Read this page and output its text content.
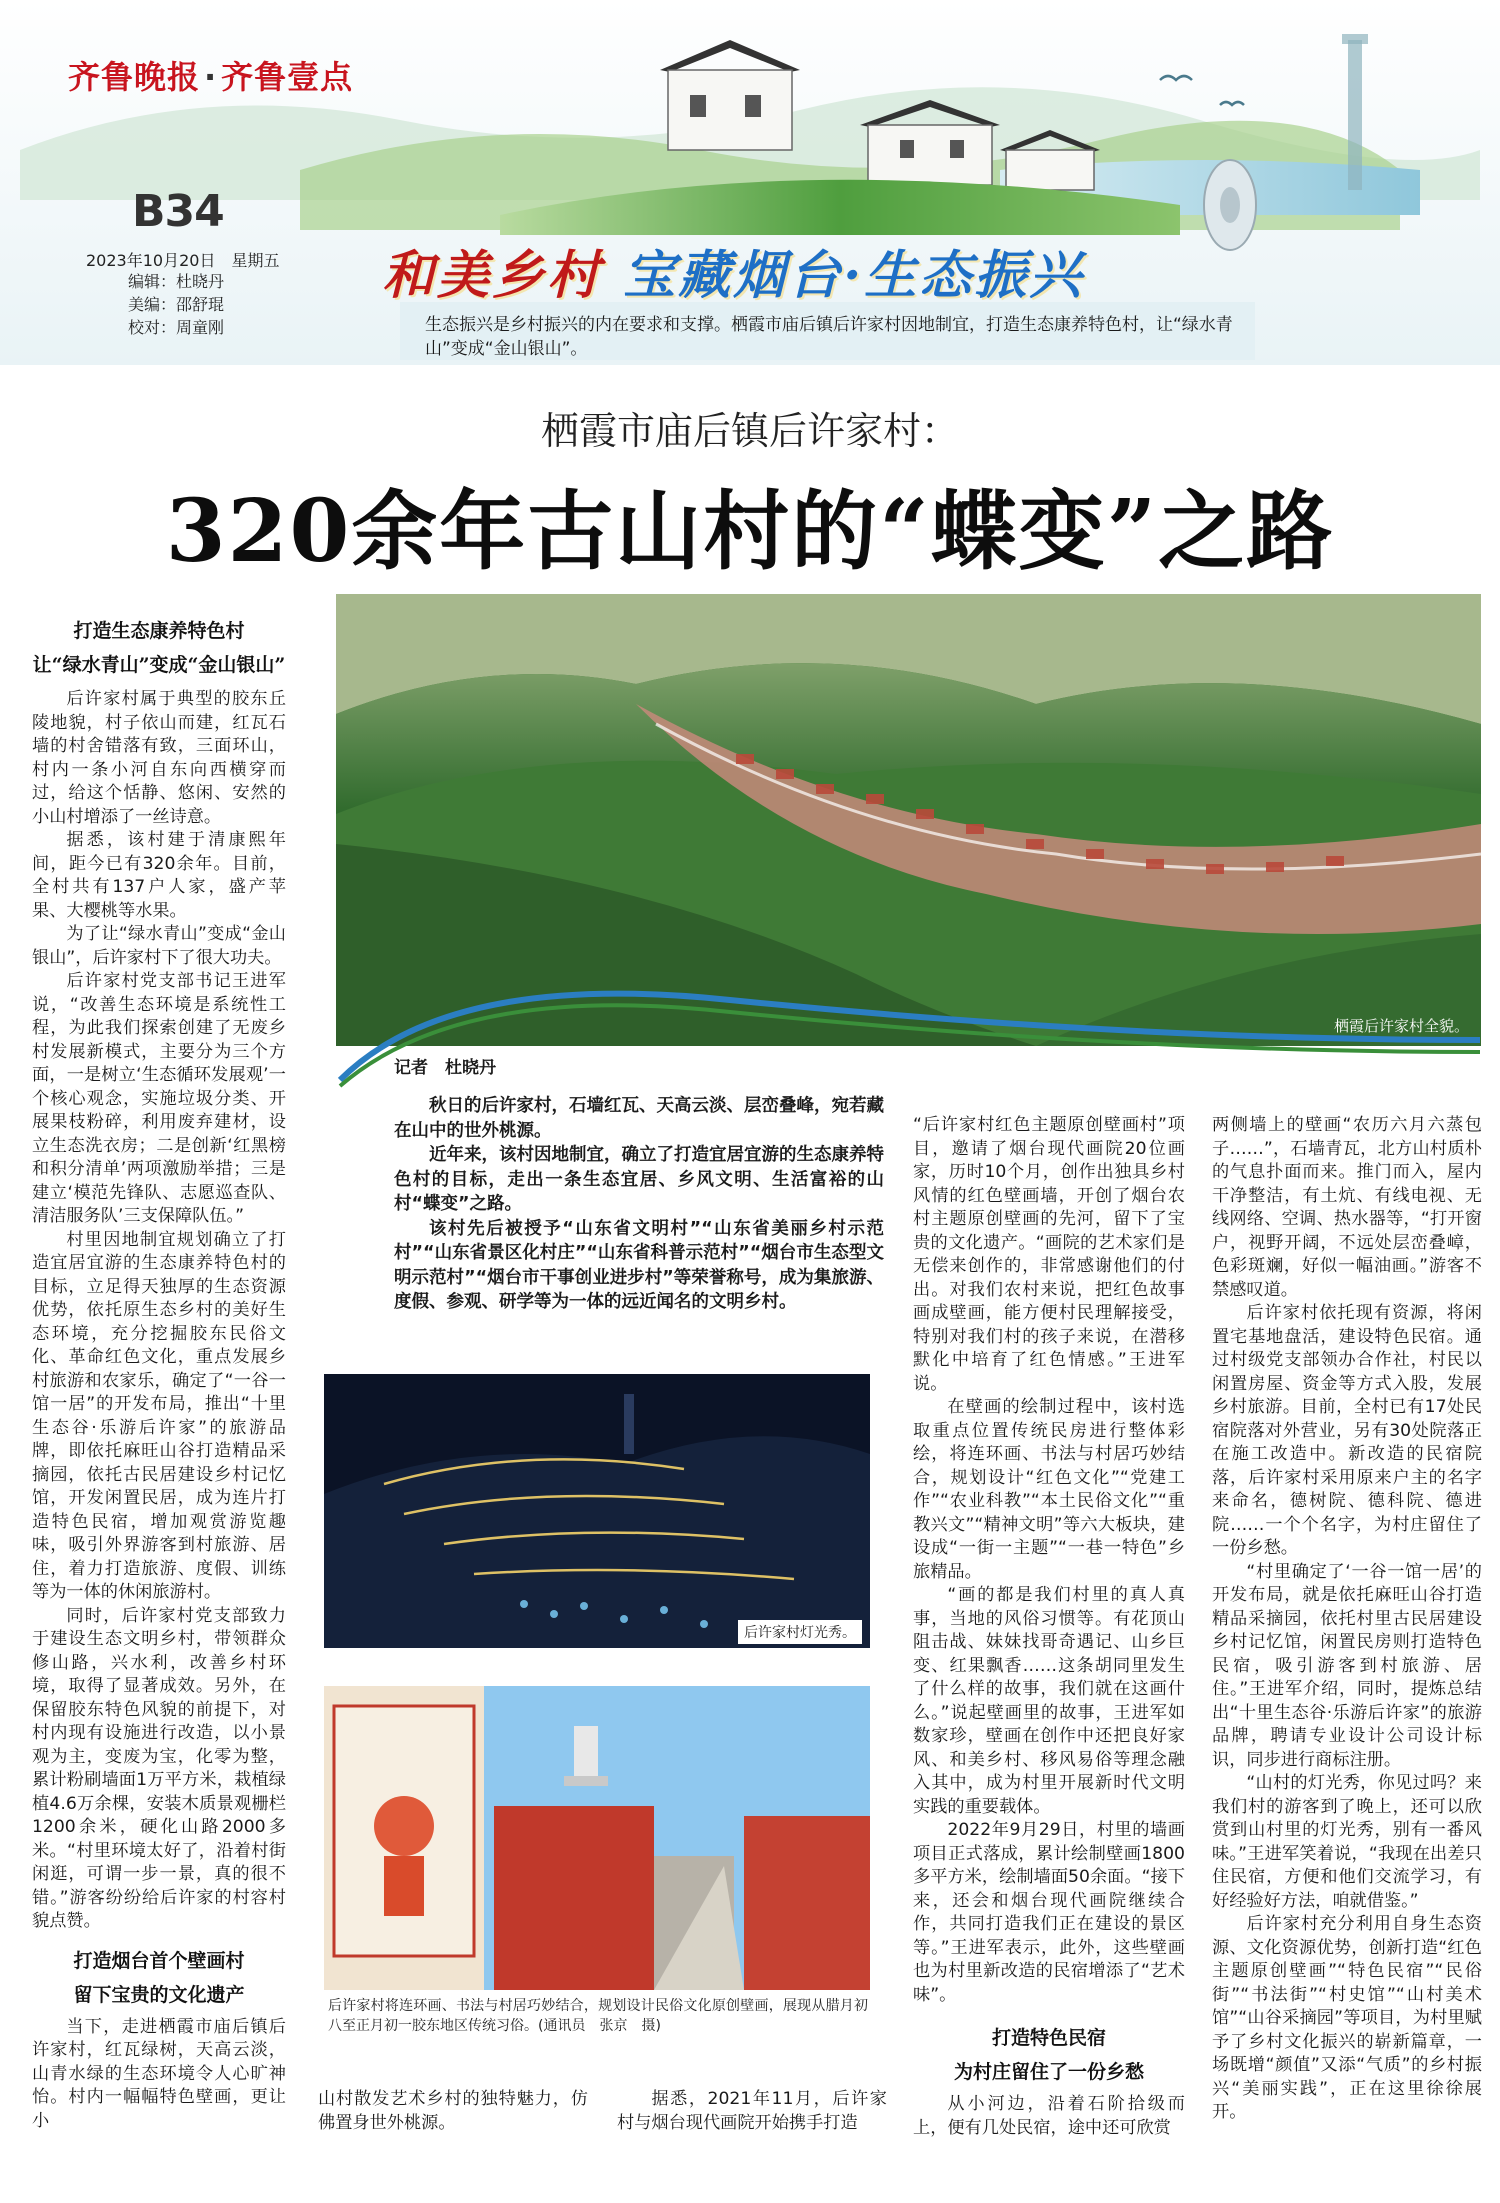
齐鲁晚报 · 齐鲁壹点
B34
2023年10月20日　星期五
编辑：杜晓丹
美编：邵舒琨
校对：周童刚
和美乡村 宝藏烟台·生态振兴
生态振兴是乡村振兴的内在要求和支撑。栖霞市庙后镇后许家村因地制宜，打造生态康养特色村，让“绿水青山”变成“金山银山”。
栖霞市庙后镇后许家村：
320余年古山村的“蝶变”之路
栖霞后许家村全貌。
打造生态康养特色村
让“绿水青山”变成“金山银山”

后许家村属于典型的胶东丘陵地貌，村子依山而建，红瓦石墙的村舍错落有致，三面环山，村内一条小河自东向西横穿而过，给这个恬静、悠闲、安然的小山村增添了一丝诗意。

据悉，该村建于清康熙年间，距今已有320余年。目前，全村共有137户人家，盛产苹果、大樱桃等水果。

为了让“绿水青山”变成“金山银山”，后许家村下了很大功夫。

后许家村党支部书记王进军说，“改善生态环境是系统性工程，为此我们探索创建了无废乡村发展新模式，主要分为三个方面，一是树立‘生态循环发展观’一个核心观念，实施垃圾分类、开展果枝粉碎，利用废弃建材，设立生态洗衣房；二是创新‘红黑榜和积分清单’两项激励举措；三是建立‘模范先锋队、志愿巡查队、清洁服务队’三支保障队伍。”

村里因地制宜规划确立了打造宜居宜游的生态康养特色村的目标，立足得天独厚的生态资源优势，依托原生态乡村的美好生态环境，充分挖掘胶东民俗文化、革命红色文化，重点发展乡村旅游和农家乐，确定了“一谷一馆一居”的开发布局，推出“十里生态谷·乐游后许家”的旅游品牌，即依托麻旺山谷打造精品采摘园，依托古民居建设乡村记忆馆，开发闲置民居，成为连片打造特色民宿，增加观赏游览趣味，吸引外界游客到村旅游、居住，着力打造旅游、度假、训练等为一体的休闲旅游村。

同时，后许家村党支部致力于建设生态文明乡村，带领群众修山路，兴水利，改善乡村环境，取得了显著成效。另外，在保留胶东特色风貌的前提下，对村内现有设施进行改造，以小景观为主，变废为宝，化零为整，累计粉刷墙面1万平方米，栽植绿植4.6万余棵，安装木质景观栅栏1200余米，硬化山路2000多米。“村里环境太好了，沿着村街闲逛，可谓一步一景，真的很不错。”游客纷纷给后许家的村容村貌点赞。

打造烟台首个壁画村
留下宝贵的文化遗产

当下，走进栖霞市庙后镇后许家村，红瓦绿树，天高云淡，山青水绿的生态环境令人心旷神怡。村内一幅幅特色壁画，更让小

记者　杜晓丹

秋日的后许家村，石墙红瓦、天高云淡、层峦叠峰，宛若藏在山中的世外桃源。

近年来，该村因地制宜，确立了打造宜居宜游的生态康养特色村的目标，走出一条生态宜居、乡风文明、生活富裕的山村“蝶变”之路。

该村先后被授予“山东省文明村”“山东省美丽乡村示范村”“山东省景区化村庄”“山东省科普示范村”“烟台市生态型文明示范村”“烟台市干事创业进步村”等荣誉称号，成为集旅游、度假、参观、研学等为一体的远近闻名的文明乡村。

后许家村灯光秀。
后许家村将连环画、书法与村居巧妙结合，规划设计民俗文化原创壁画，展现从腊月初八至正月初一胶东地区传统习俗。(通讯员　张京　摄)

山村散发艺术乡村的独特魅力，仿佛置身世外桃源。

据悉，2021年11月，后许家村与烟台现代画院开始携手打造

“后许家村红色主题原创壁画村”项目，邀请了烟台现代画院20位画家，历时10个月，创作出独具乡村风情的红色壁画墙，开创了烟台农村主题原创壁画的先河，留下了宝贵的文化遗产。“画院的艺术家们是无偿来创作的，非常感谢他们的付出。对我们农村来说，把红色故事画成壁画，能方便村民理解接受，特别对我们村的孩子来说，在潜移默化中培育了红色情感。”王进军说。

在壁画的绘制过程中，该村选取重点位置传统民房进行整体彩绘，将连环画、书法与村居巧妙结合，规划设计“红色文化”“党建工作”“农业科教”“本土民俗文化”“重教兴文”“精神文明”等六大板块，建设成“一街一主题”“一巷一特色”乡旅精品。

“画的都是我们村里的真人真事，当地的风俗习惯等。有花顶山阻击战、妹妹找哥奇遇记、山乡巨变、红果飘香……这条胡同里发生了什么样的故事，我们就在这画什么。”说起壁画里的故事，王进军如数家珍，壁画在创作中还把良好家风、和美乡村、移风易俗等理念融入其中，成为村里开展新时代文明实践的重要载体。

2022年9月29日，村里的墙画项目正式落成，累计绘制壁画1800多平方米，绘制墙面50余面。“接下来，还会和烟台现代画院继续合作，共同打造我们正在建设的景区等。”王进军表示，此外，这些壁画也为村里新改造的民宿增添了“艺术味”。

打造特色民宿
为村庄留住了一份乡愁

从小河边，沿着石阶拾级而上，便有几处民宿，途中还可欣赏

两侧墙上的壁画“农历六月六蒸包子……”，石墙青瓦，北方山村质朴的气息扑面而来。推门而入，屋内干净整洁，有土炕、有线电视、无线网络、空调、热水器等，“打开窗户，视野开阔，不远处层峦叠嶂，色彩斑斓，好似一幅油画。”游客不禁感叹道。

后许家村依托现有资源，将闲置宅基地盘活，建设特色民宿。通过村级党支部领办合作社，村民以闲置房屋、资金等方式入股，发展乡村旅游。目前，全村已有17处民宿院落对外营业，另有30处院落正在施工改造中。新改造的民宿院落，后许家村采用原来户主的名字来命名，德树院、德科院、德进院……一个个名字，为村庄留住了一份乡愁。

“村里确定了‘一谷一馆一居’的开发布局，就是依托麻旺山谷打造精品采摘园，依托村里古民居建设乡村记忆馆，闲置民房则打造特色民宿，吸引游客到村旅游、居住。”王进军介绍，同时，提炼总结出“十里生态谷·乐游后许家”的旅游品牌，聘请专业设计公司设计标识，同步进行商标注册。

“山村的灯光秀，你见过吗？来我们村的游客到了晚上，还可以欣赏到山村里的灯光秀，别有一番风味。”王进军笑着说，“我现在出差只住民宿，方便和他们交流学习，有好经验好方法，咱就借鉴。”

后许家村充分利用自身生态资源、文化资源优势，创新打造“红色主题原创壁画”“特色民宿”“民俗街”“书法街”“村史馆”“山村美术馆”“山谷采摘园”等项目，为村里赋予了乡村文化振兴的崭新篇章，一场既增“颜值”又添“气质”的乡村振兴“美丽实践”，正在这里徐徐展开。
